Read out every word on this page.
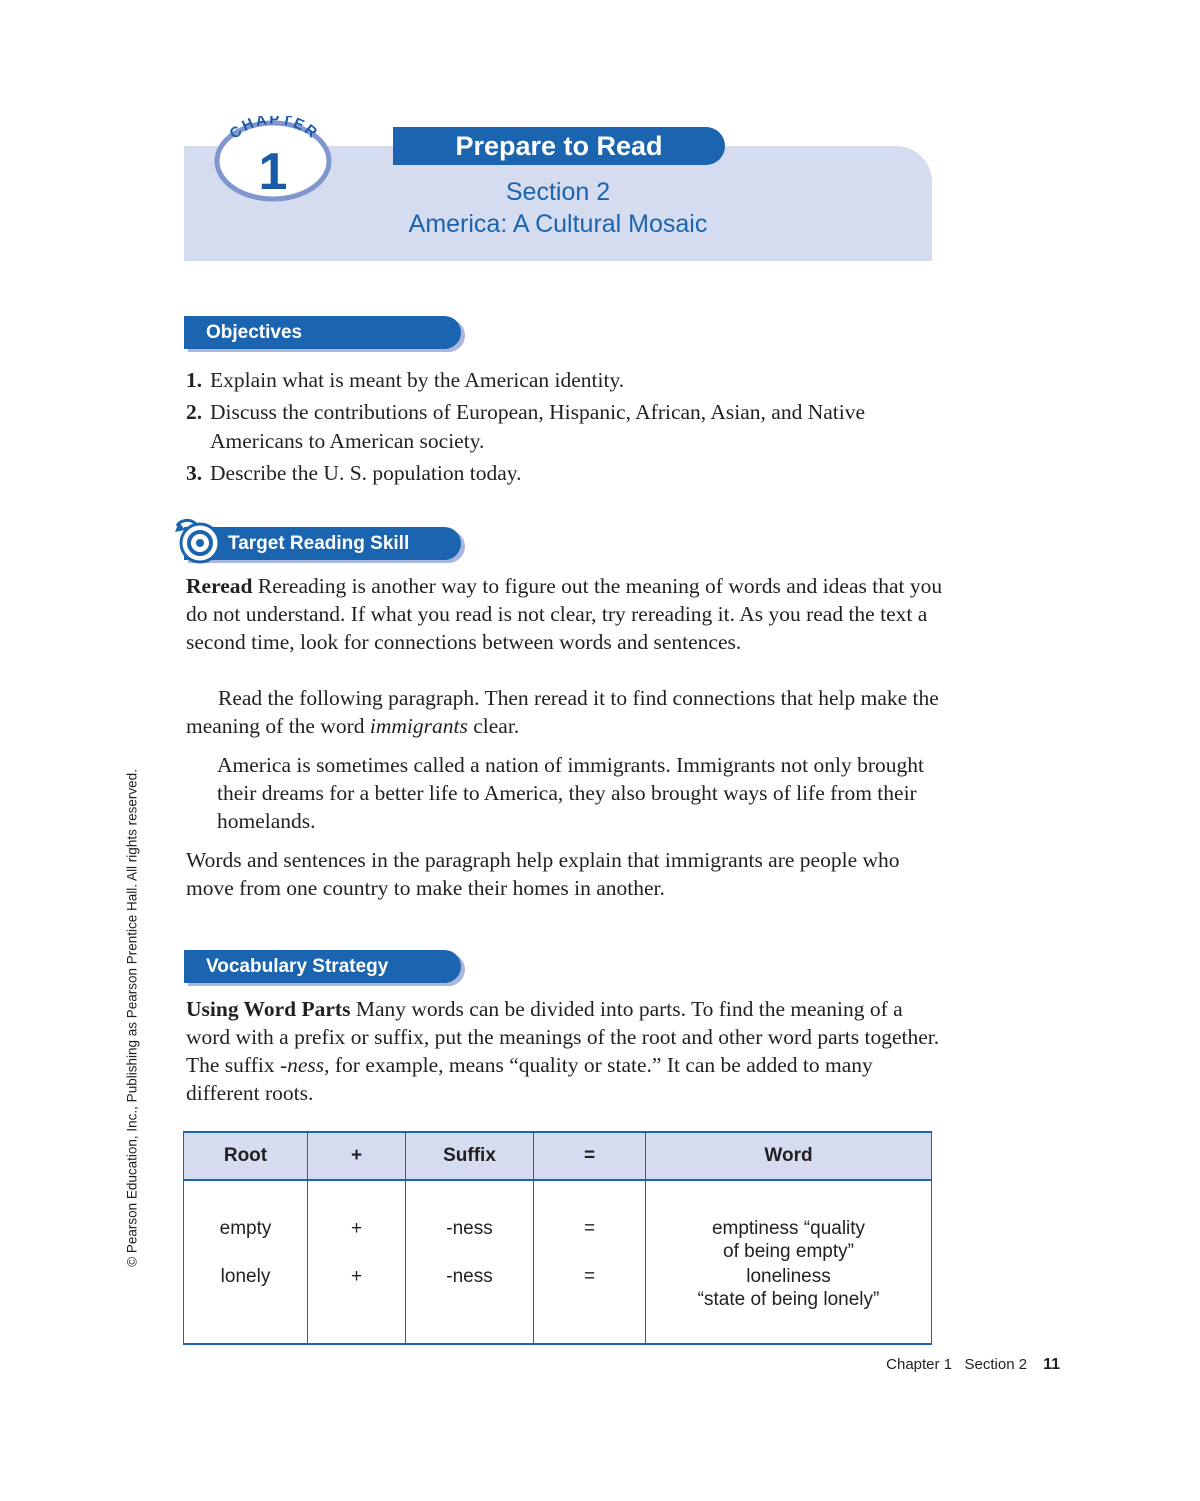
CHAPTER
1	Prepare to Read
Section 2
America: A Cultural Mosaic
Objectives
1. Explain what is meant by the American identity.
2. Discuss the contributions of European, Hispanic, African, Asian, and Native Americans to American society.
3. Describe the U. S. population today.
Target Reading Skill

Reread Rereading is another way to figure out the meaning of words and ideas that you do not understand. If what you read is not clear, try rereading it. As you read the text a second time, look for connections between words and sentences.

Read the following paragraph. Then reread it to find connections that help make the meaning of the word immigrants clear.

America is sometimes called a nation of immigrants. Immigrants not only brought their dreams for a better life to America, they also brought ways of life from their homelands.

Words and sentences in the paragraph help explain that immigrants are people who move from one country to make their homes in another.

Vocabulary Strategy

Using Word Parts Many words can be divided into parts. To find the meaning of a word with a prefix or suffix, put the meanings of the root and other word parts together. The suffix -ness, for example, means “quality or state.” It can be added to many different roots.

Root	+	Suffix	=	Word
empty	+	-ness	=	emptiness “quality
of being empty”

lonely	+	-ness	=	loneliness
“state of being lonely”
© Pearson Education, Inc., Publishing as Pearson Prentice Hall. All rights reserved.
Chapter 1   Section 2 11
